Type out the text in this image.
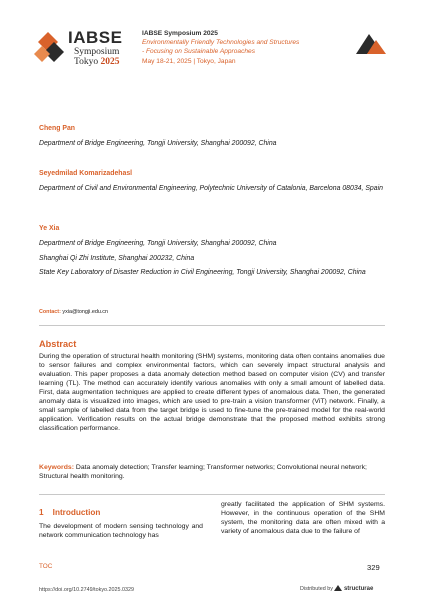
IABSE
Symposium
Tokyo 2025
IABSE Symposium 2025
Environmentally Friendly Technologies and Structures
- Focusing on Sustainable Approaches
May 18-21, 2025 | Tokyo, Japan
Cheng Pan
Department of Bridge Engineering, Tongji University, Shanghai 200092, China
Seyedmilad Komarizadehasl
Department of Civil and Environmental Engineering, Polytechnic University of Catalonia, Barcelona 08034, Spain
Ye Xia
Department of Bridge Engineering, Tongji University, Shanghai 200092, China
Shanghai Qi Zhi Institute, Shanghai 200232, China
State Key Laboratory of Disaster Reduction in Civil Engineering, Tongji University, Shanghai 200092, China
Contact: yxia@tongji.edu.cn
Abstract
During the operation of structural health monitoring (SHM) systems, monitoring data often contains anomalies due to sensor failures and complex environmental factors, which can severely impact structural analysis and evaluation. This paper proposes a data anomaly detection method based on computer vision (CV) and transfer learning (TL). The method can accurately identify various anomalies with only a small amount of labelled data. First, data augmentation techniques are applied to create different types of anomalous data. Then, the generated anomaly data is visualized into images, which are used to pre-train a vision transformer (ViT) network. Finally, a small sample of labelled data from the target bridge is used to fine-tune the pre-trained model for the real-world application. Verification results on the actual bridge demonstrate that the proposed method exhibits strong classification performance.
Keywords: Data anomaly detection; Transfer learning; Transformer networks; Convolutional neural network; Structural health monitoring.
1 Introduction
The development of modern sensing technology and network communication technology has
greatly facilitated the application of SHM systems. However, in the continuous operation of the SHM system, the monitoring data are often mixed with a variety of anomalous data due to the failure of
TOC	329
https://doi.org/10.2749/tokyo.2025.0329	Distributed by structurae
